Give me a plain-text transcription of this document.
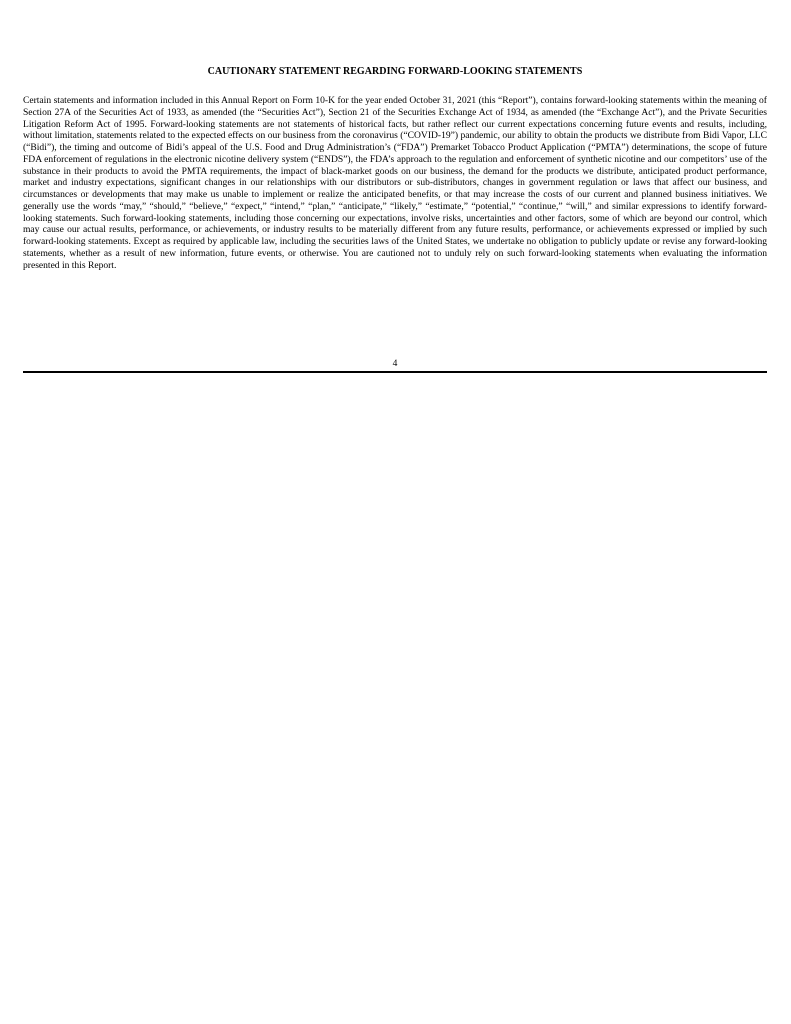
CAUTIONARY STATEMENT REGARDING FORWARD-LOOKING STATEMENTS

Certain statements and information included in this Annual Report on Form 10-K for the year ended October 31, 2021 (this “Report”), contains forward-looking statements within the meaning of Section 27A of the Securities Act of 1933, as amended (the “Securities Act”), Section 21 of the Securities Exchange Act of 1934, as amended (the “Exchange Act”), and the Private Securities Litigation Reform Act of 1995. Forward-looking statements are not statements of historical facts, but rather reflect our current expectations concerning future events and results, including, without limitation, statements related to the expected effects on our business from the coronavirus (“COVID-19”) pandemic, our ability to obtain the products we distribute from Bidi Vapor, LLC (“Bidi”), the timing and outcome of Bidi’s appeal of the U.S. Food and Drug Administration’s (“FDA”) Premarket Tobacco Product Application (“PMTA”) determinations, the scope of future FDA enforcement of regulations in the electronic nicotine delivery system (“ENDS”), the FDA’s approach to the regulation and enforcement of synthetic nicotine and our competitors’ use of the substance in their products to avoid the PMTA requirements, the impact of black-market goods on our business, the demand for the products we distribute, anticipated product performance, market and industry expectations, significant changes in our relationships with our distributors or sub-distributors, changes in government regulation or laws that affect our business, and circumstances or developments that may make us unable to implement or realize the anticipated benefits, or that may increase the costs of our current and planned business initiatives. We generally use the words “may,” “should,” “believe,” “expect,” “intend,” “plan,” “anticipate,” “likely,” “estimate,” “potential,” “continue,” “will,” and similar expressions to identify forward-looking statements. Such forward-looking statements, including those concerning our expectations, involve risks, uncertainties and other factors, some of which are beyond our control, which may cause our actual results, performance, or achievements, or industry results to be materially different from any future results, performance, or achievements expressed or implied by such forward-looking statements. Except as required by applicable law, including the securities laws of the United States, we undertake no obligation to publicly update or revise any forward-looking statements, whether as a result of new information, future events, or otherwise. You are cautioned not to unduly rely on such forward-looking statements when evaluating the information presented in this Report.

4
